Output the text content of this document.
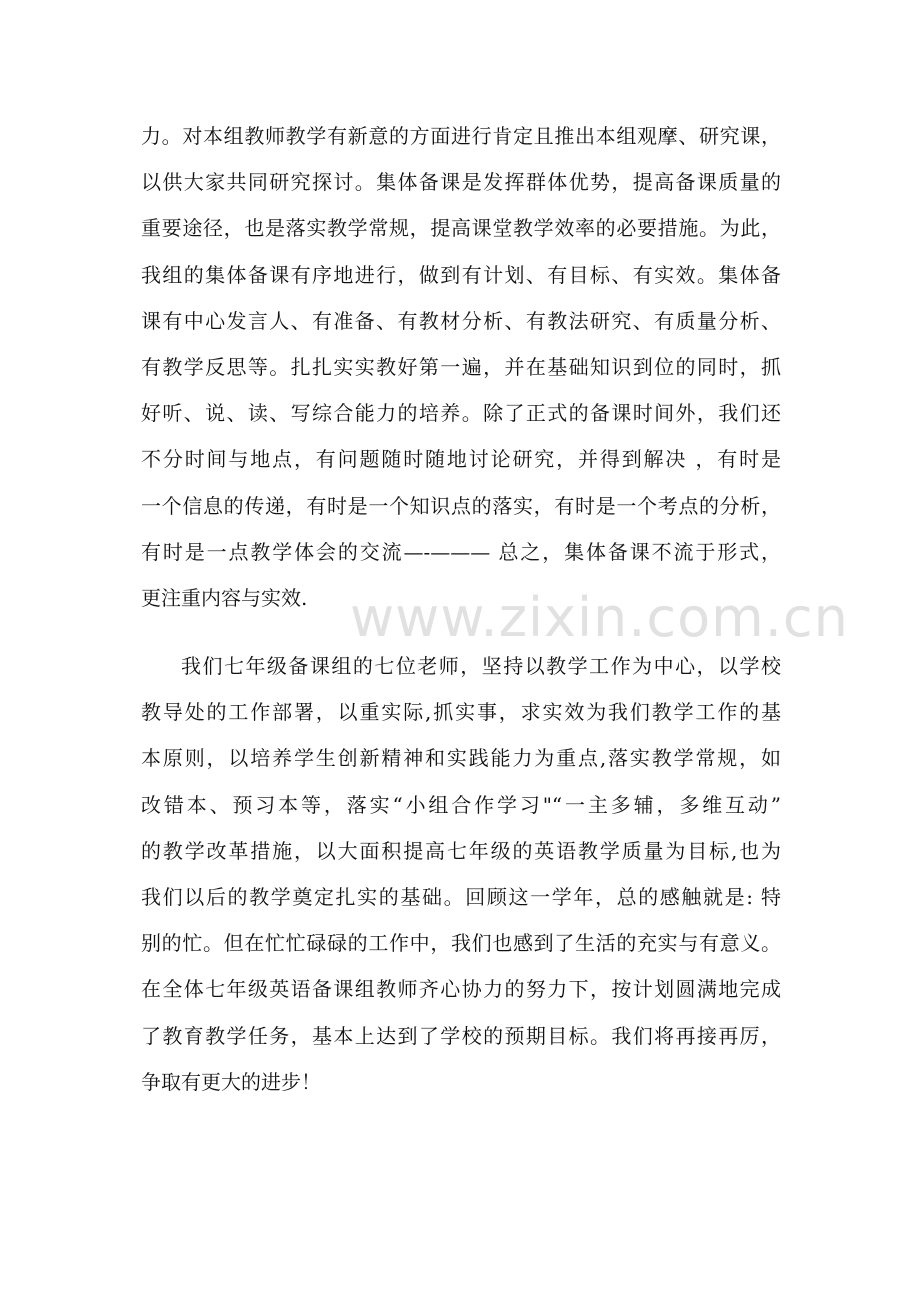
力。对本组教师教学有新意的方面进行肯定且推出本组观摩、研究课，
以供大家共同研究探讨。集体备课是发挥群体优势，提高备课质量的
重要途径，也是落实教学常规，提高课堂教学效率的必要措施。为此，
我组的集体备课有序地进行，做到有计划、有目标、有实效。集体备
课有中心发言人、有准备、有教材分析、有教法研究、有质量分析、
有教学反思等。扎扎实实教好第一遍，并在基础知识到位的同时，抓
好听、说、读、写综合能力的培养。除了正式的备课时间外，我们还
不分时间与地点，有问题随时随地讨论研究，并得到解决 ，有时是
一个信息的传递，有时是一个知识点的落实，有时是一个考点的分析，
有时是一点教学体会的交流—-——— 总之，集体备课不流于形式，
更注重内容与实效.
我们七年级备课组的七位老师，坚持以教学工作为中心，以学校
教导处的工作部署，以重实际,抓实事，求实效为我们教学工作的基
本原则，以培养学生创新精神和实践能力为重点,落实教学常规，如
改错本、预习本等，落实“小组合作学习"“一主多辅，多维互动”
的教学改革措施，以大面积提高七年级的英语教学质量为目标,也为
我们以后的教学奠定扎实的基础。回顾这一学年，总的感触就是: 特
别的忙。但在忙忙碌碌的工作中，我们也感到了生活的充实与有意义。
在全体七年级英语备课组教师齐心协力的努力下，按计划圆满地完成
了教育教学任务，基本上达到了学校的预期目标。我们将再接再厉，
争取有更大的进步！
www.zixin.com.cn
